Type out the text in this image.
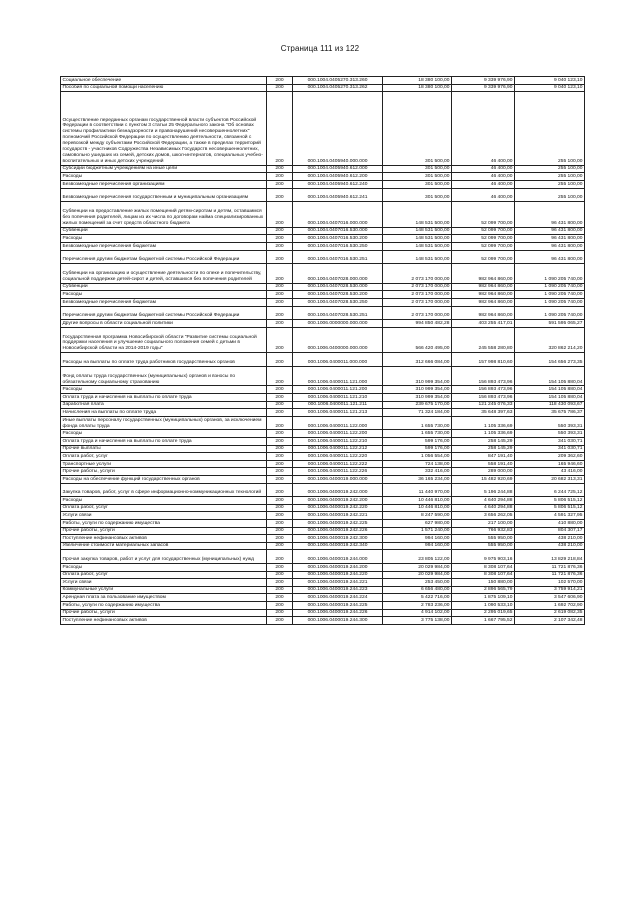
Страница 111 из 122
Социальное обеспечение	200	000.1004.0405270.313.260	18 380 100,00	9 339 976,90	9 040 123,10
Пособия по социальной помощи населению	200	000.1004.0405270.313.262	18 380 100,00	9 339 976,90	9 040 123,10
Осуществление переданных органам государственной власти субъектов Российской Федерации в соответствии с пунктом 3 статьи 25 Федерального закона "Об основах системы профилактики безнадзорности и правонарушений несовершеннолетних" полномочий Российской Федерации по осуществлению деятельности, связанной с перевозкой между субъектами Российской Федерации, а также в пределах территорий государств - участников Содружества Независимых Государств несовершеннолетних, самовольно ушедших из семей, детских домов, школ-интернатов, специальных учебно-воспитательных и иных детских учреждений	200	000.1004.0405940.000.000	301 500,00	46 400,00	255 100,00
Субсидии бюджетным учреждениям на иные цели	200	000.1004.0405940.612.000	301 500,00	46 400,00	255 100,00
Расходы	200	000.1004.0405940.612.200	301 500,00	46 400,00	255 100,00
Безвозмездные перечисления организациям	200	000.1004.0405940.612.240	301 500,00	46 400,00	255 100,00
Безвозмездные перечисления государственным и муниципальным организациям	200	000.1004.0405940.612.241	301 500,00	46 400,00	255 100,00
Субвенции на предоставление жилых помещений детям-сиротам и детям, оставшимся без попечения родителей, лицам из их числа по договорам найма специализированных жилых помещений за счет средств областного бюджета	200	000.1004.0407016.000.000	148 531 500,00	52 099 700,00	96 431 800,00
Субвенции	200	000.1004.0407016.530.000	148 531 500,00	52 099 700,00	96 431 800,00
Расходы	200	000.1004.0407016.530.200	148 531 500,00	52 099 700,00	96 431 800,00
Безвозмездные перечисления бюджетам	200	000.1004.0407016.530.250	148 531 500,00	52 099 700,00	96 431 800,00
Перечисления другим бюджетам бюджетной системы Российской Федерации	200	000.1004.0407016.530.251	148 531 500,00	52 099 700,00	96 431 800,00
Субвенции на организацию и осуществление деятельности по опеке и попечительству, социальной поддержке детей-сирот и детей, оставшихся без попечения родителей	200	000.1004.0407028.000.000	2 073 170 000,00	982 964 860,00	1 090 205 740,00
Субвенции	200	000.1004.0407028.530.000	2 073 170 000,00	982 964 860,00	1 090 205 740,00
Расходы	200	000.1004.0407028.530.200	2 073 170 000,00	982 964 860,00	1 090 205 740,00
Безвозмездные перечисления бюджетам	200	000.1004.0407028.530.250	2 073 170 000,00	982 964 860,00	1 090 205 740,00
Перечисления другим бюджетам бюджетной системы Российской Федерации	200	000.1004.0407028.530.251	2 073 170 000,00	982 964 860,00	1 090 205 740,00
Другие вопросы в области социальной политики	200	000.1006.0000000.000.000	994 850 482,28	403 255 417,01	591 595 065,27
Государственная программа Новосибирской области "Развитие системы социальной поддержки населения и улучшение социального положения семей с детьми в Новосибирской области на 2014-2019 годы"	200	000.1006.0400000.000.000	566 420 495,00	245 558 280,80	320 862 214,20
Расходы на выплаты по оплате труда работников государственных органов	200	000.1006.0400011.000.000	312 666 084,00	157 998 810,60	154 656 273,35
Фонд оплаты труда государственных (муниципальных) органов и взносы по обязательному социальному страхованию	200	000.1006.0400011.121.000	310 999 354,00	156 893 473,96	154 105 880,04
Расходы	200	000.1006.0400011.121.200	310 999 354,00	156 893 473,96	154 105 880,04
Оплата труда и начисления на выплаты по оплате труда	200	000.1006.0400011.121.210	310 999 354,00	156 893 473,96	154 105 880,04
Заработная плата	200	000.1006.0400011.121.211	239 675 170,00	121 245 076,33	118 430 093,67
Начисления на выплаты по оплате труда	200	000.1006.0400011.121.213	71 324 184,00	35 648 397,63	35 675 786,37
Иные выплаты персоналу государственных (муниципальных) органов, за исключением фонда оплаты труда	200	000.1006.0400011.122.000	1 655 730,00	1 105 336,69	550 393,31
Расходы	200	000.1006.0400011.122.200	1 655 730,00	1 105 336,69	550 393,31
Оплата труда и начисления на выплаты по оплате труда	200	000.1006.0400011.122.210	599 176,00	258 145,29	341 030,71
Прочие выплаты	200	000.1006.0400011.122.212	599 176,00	258 145,29	341 030,71
Оплата работ, услуг	200	000.1006.0400011.122.220	1 056 554,00	847 191,40	209 362,60
Транспортные услуги	200	000.1006.0400011.122.222	724 138,00	558 191,40	165 946,60
Прочие работы, услуги	200	000.1006.0400011.122.226	332 416,00	289 000,00	43 416,00
Расходы на обеспечение функций государственных органов	200	000.1006.0400019.000.000	36 165 234,00	15 482 920,69	20 682 313,31
Закупка товаров, работ, услуг в сфере информационно-коммуникационных технологий	200	000.1006.0400019.242.000	11 440 970,00	5 196 244,88	6 244 725,12
Расходы	200	000.1006.0400019.242.200	10 446 810,00	4 640 294,88	5 806 515,12
Оплата работ, услуг	200	000.1006.0400019.242.220	10 446 810,00	4 640 294,88	5 806 515,12
Услуги связи	200	000.1006.0400019.242.221	8 247 590,00	3 656 262,05	4 591 327,95
Работы, услуги по содержанию имущества	200	000.1006.0400019.242.225	627 980,00	217 100,00	410 880,00
Прочие работы, услуги	200	000.1006.0400019.242.226	1 571 240,00	766 932,83	804 307,17
Поступление нефинансовых активов	200	000.1006.0400019.242.300	994 160,00	555 950,00	438 210,00
Увеличение стоимости материальных запасов	200	000.1006.0400019.242.340	994 160,00	555 950,00	438 210,00
Прочая закупка товаров, работ и услуг для государственных (муниципальных) нужд	200	000.1006.0400019.244.000	23 805 122,00	9 975 903,16	13 829 218,84
Расходы	200	000.1006.0400019.244.200	20 029 984,00	8 308 107,64	11 721 876,36
Оплата работ, услуг	200	000.1006.0400019.244.220	20 029 984,00	8 308 107,64	11 721 876,36
Услуги связи	200	000.1006.0400019.244.221	253 450,00	150 880,00	102 570,00
Коммунальные услуги	200	000.1006.0400019.244.223	6 656 480,00	2 896 565,79	3 759 914,21
Арендная плата за пользование имуществом	200	000.1006.0400019.244.224	5 422 716,00	1 875 109,10	3 547 606,90
Работы, услуги по содержанию имущества	200	000.1006.0400019.244.225	2 783 236,00	1 090 533,10	1 692 702,90
Прочие работы, услуги	200	000.1006.0400019.244.226	4 914 102,00	2 295 019,65	2 619 082,35
Поступление нефинансовых активов	200	000.1006.0400019.244.300	3 775 138,00	1 667 795,52	2 107 342,48
